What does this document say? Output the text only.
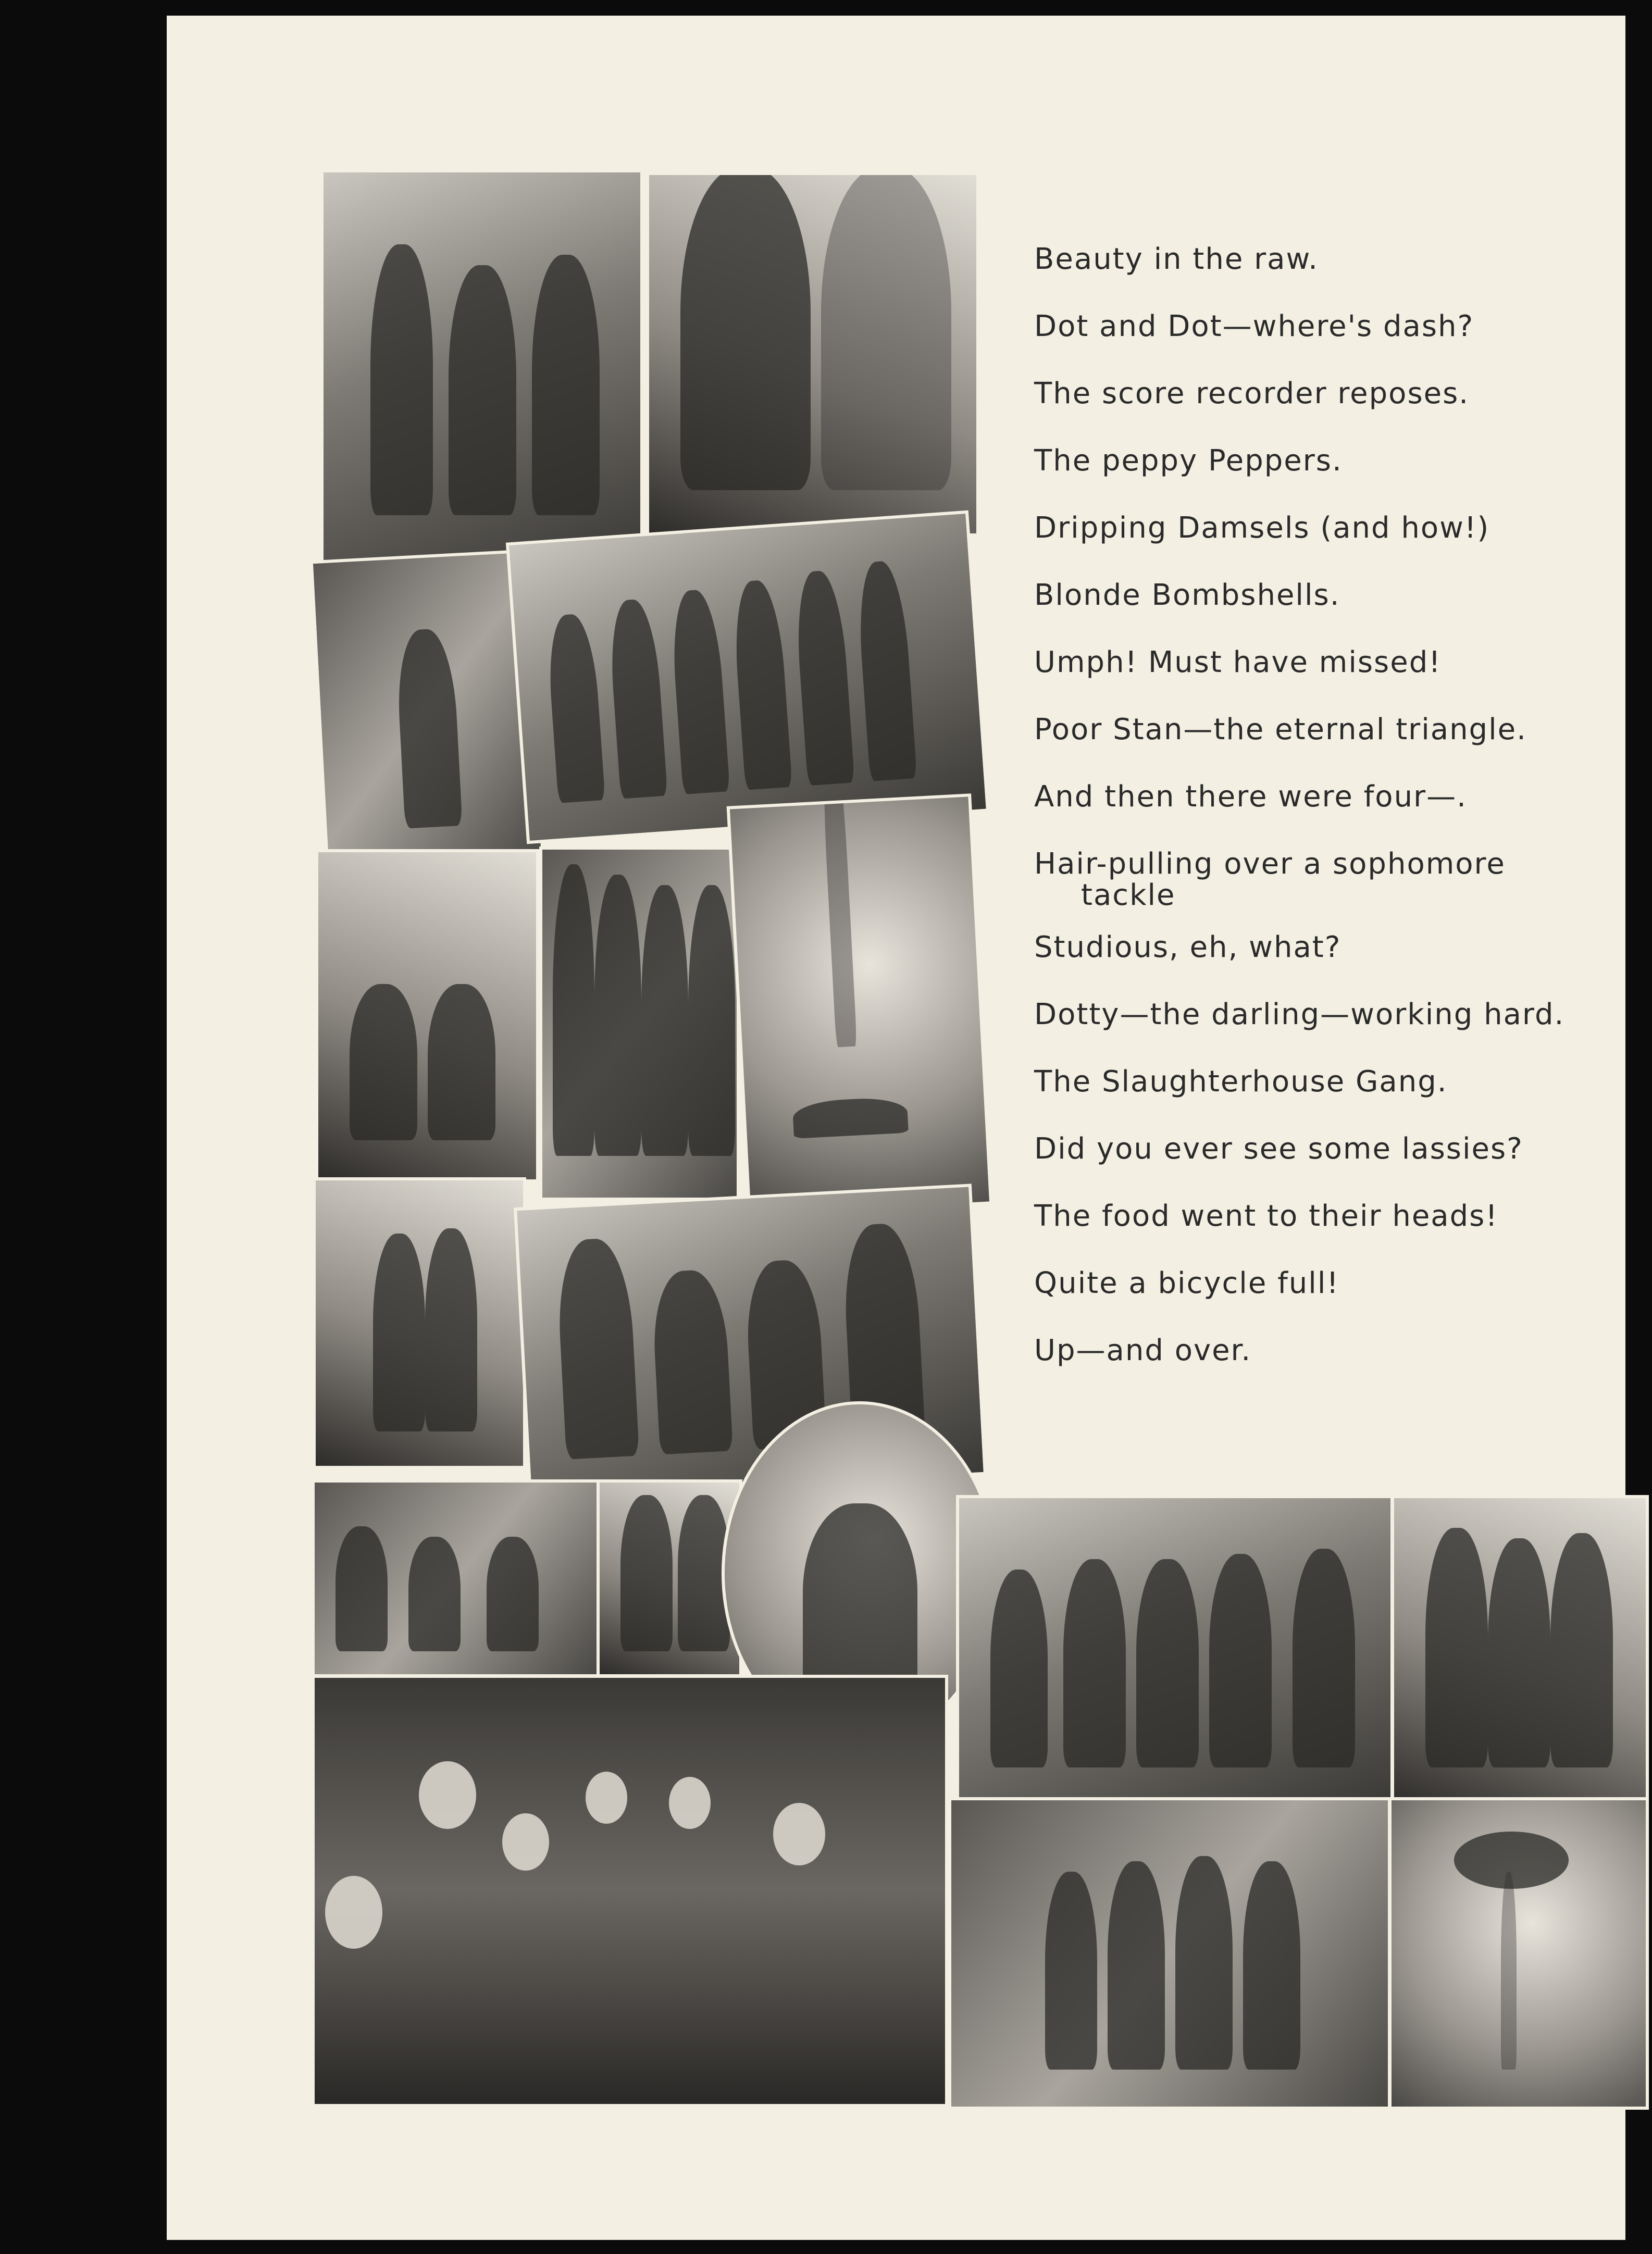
Beauty in the raw.
Dot and Dot—where's dash?
The score recorder reposes.
The peppy Peppers.
Dripping Damsels (and how!)
Blonde Bombshells.
Umph! Must have missed!
Poor Stan—the eternal triangle.
And then there were four—.
Hair-pulling over a sophomore
tackle
Studious, eh, what?
Dotty—the darling—working hard.
The Slaughterhouse Gang.
Did you ever see some lassies?
The food went to their heads!
Quite a bicycle full!
Up—and over.
